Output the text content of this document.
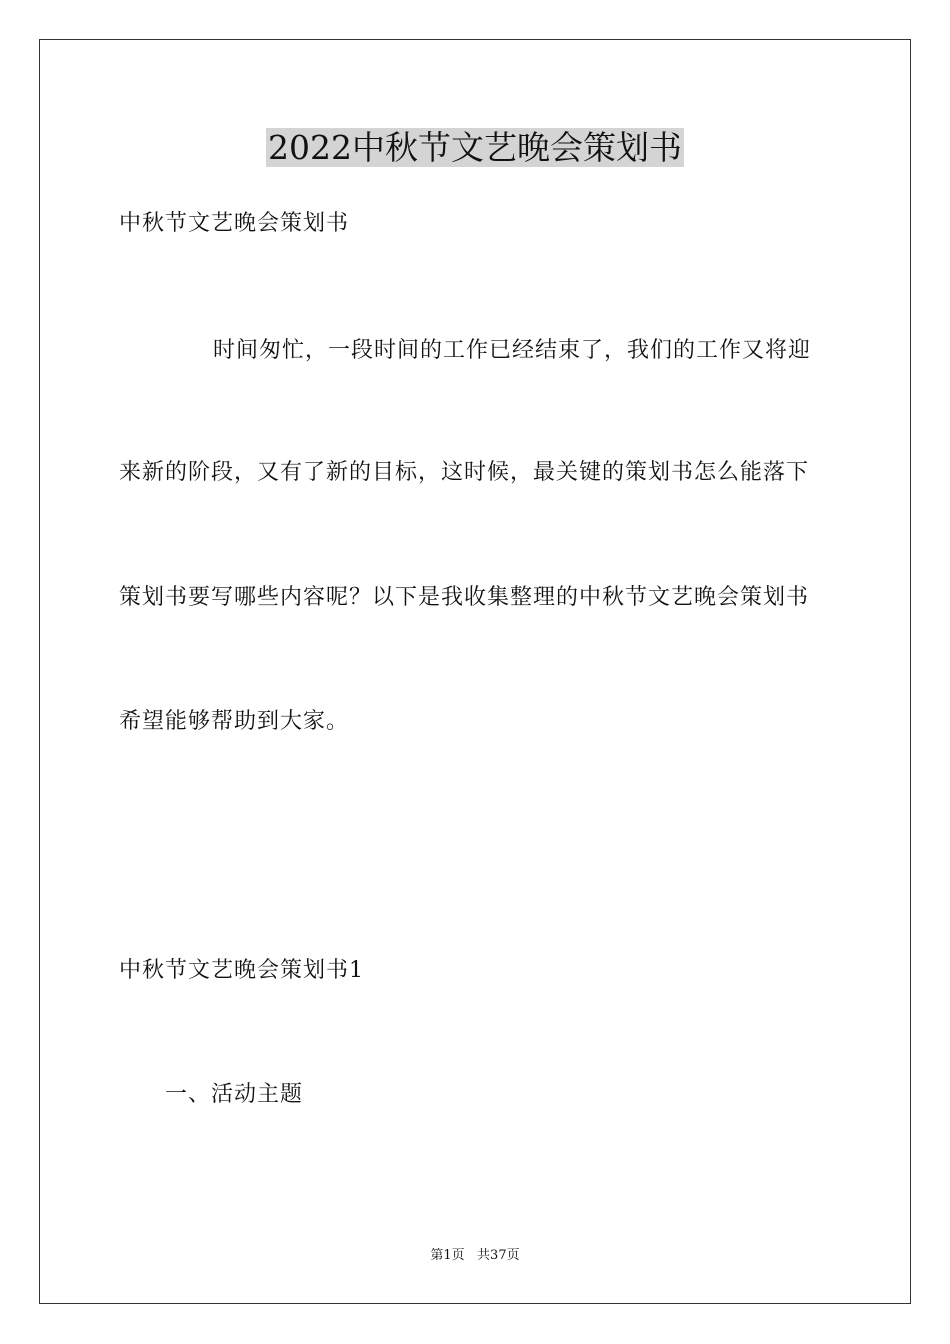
2022中秋节文艺晚会策划书
中秋节文艺晚会策划书
时间匆忙，一段时间的工作已经结束了，我们的工作又将迎
来新的阶段，又有了新的目标，这时候，最关键的策划书怎么能落下
策划书要写哪些内容呢？以下是我收集整理的中秋节文艺晚会策划书
希望能够帮助到大家。
中秋节文艺晚会策划书1
一、活动主题
第1页   共37页
